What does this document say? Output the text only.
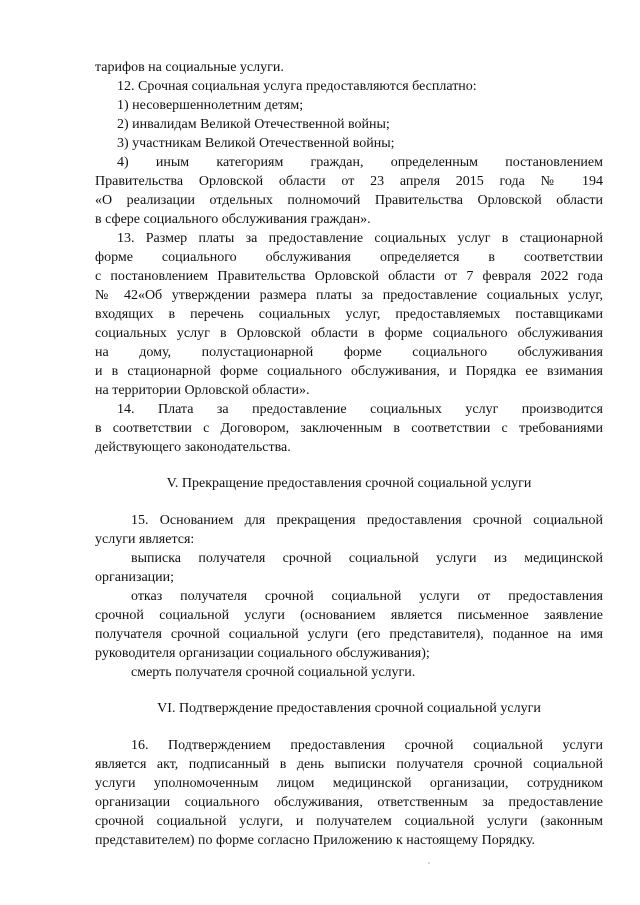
тарифов на социальные услуги.

12. Срочная социальная услуга предоставляются бесплатно:

1) несовершеннолетним детям;

2) инвалидам Великой Отечественной войны;

3) участникам Великой Отечественной войны;

4) иным категориям граждан, определенным постановлением

Правительства Орловской области от 23 апреля 2015 года № 194

«О реализации отдельных полномочий Правительства Орловской области

в сфере социального обслуживания граждан».

13. Размер платы за предоставление социальных услуг в стационарной

форме социального обслуживания определяется в соответствии

с постановлением Правительства Орловской области от 7 февраля 2022 года

№ 42«Об утверждении размера платы за предоставление социальных услуг,

входящих в перечень социальных услуг, предоставляемых поставщиками

социальных услуг в Орловской области в форме социального обслуживания

на дому, полустационарной форме социального обслуживания

и в стационарной форме социального обслуживания, и Порядка ее взимания

на территории Орловской области».

14. Плата за предоставление социальных услуг производится

в соответствии с Договором, заключенным в соответствии с требованиями

действующего законодательства.

V. Прекращение предоставления срочной социальной услуги

15. Основанием для прекращения предоставления срочной социальной

услуги является:

выписка получателя срочной социальной услуги из медицинской

организации;

отказ получателя срочной социальной услуги от предоставления

срочной социальной услуги (основанием является письменное заявление

получателя срочной социальной услуги (его представителя), поданное на имя

руководителя организации социального обслуживания);

смерть получателя срочной социальной услуги.

VI. Подтверждение предоставления срочной социальной услуги

16. Подтверждением предоставления срочной социальной услуги

является акт, подписанный в день выписки получателя срочной социальной

услуги уполномоченным лицом медицинской организации, сотрудником

организации социального обслуживания, ответственным за предоставление

срочной социальной услуги, и получателем социальной услуги (законным

представителем) по форме согласно Приложению к настоящему Порядку.
